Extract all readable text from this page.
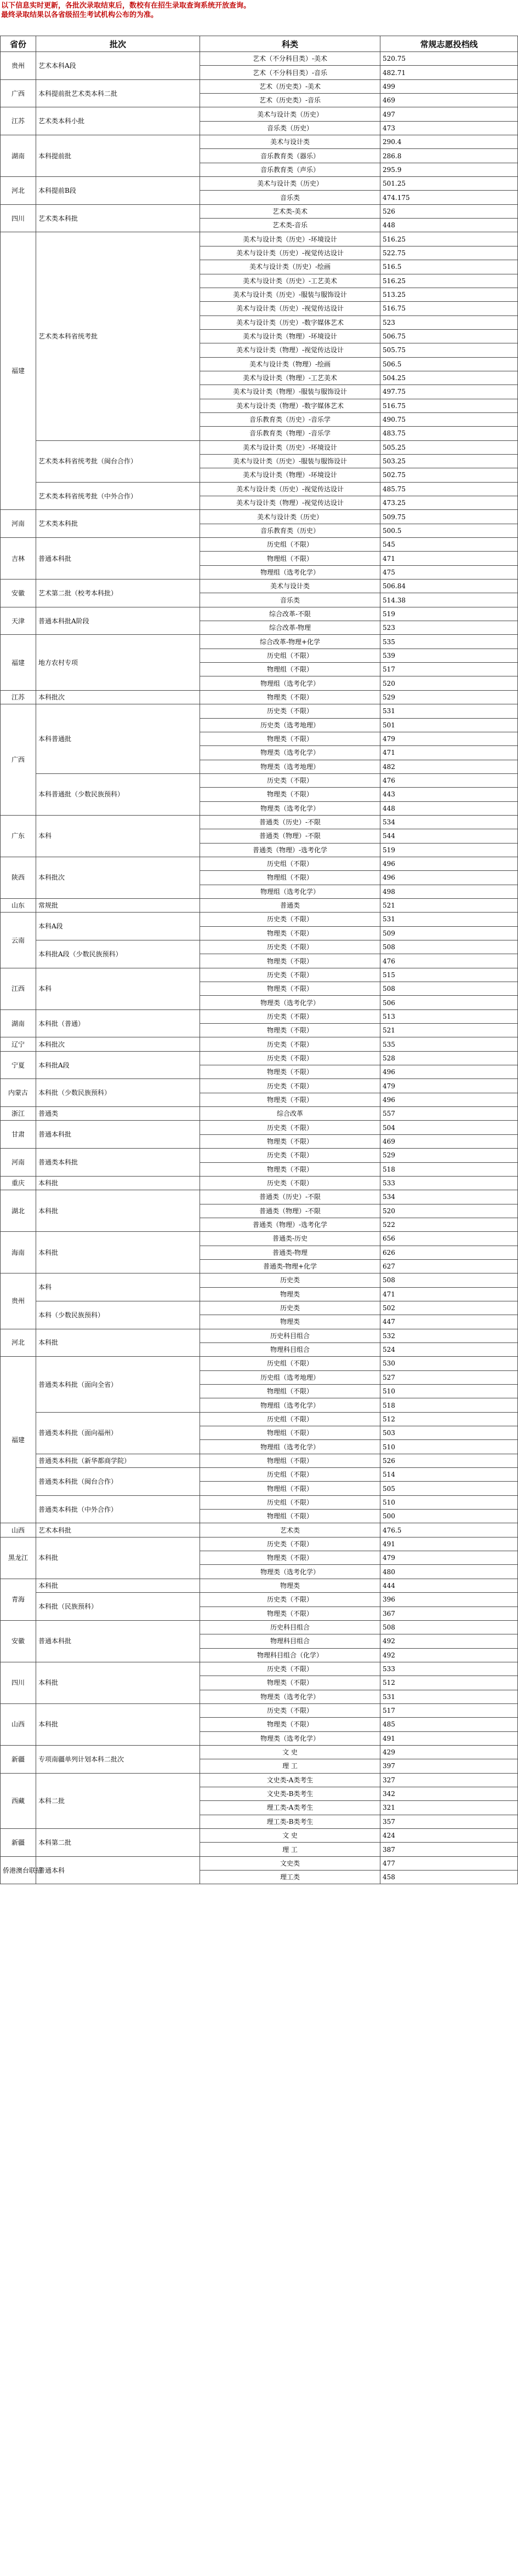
以下信息实时更新，各批次录取结束后，数校有在招生录取查询系统开放查询。
最终录取结果以各省级招生考试机构公布的为准。
省份	批次	科类	常规志愿投档线
贵州	艺术本科A段	艺术（不分科目类）-美术	520.75
		艺术（不分科目类）-音乐	482.71
广西	本科提前批艺术类本科二批	艺术（历史类）-美术	499
		艺术（历史类）-音乐	469
江苏	艺术类本科小批	美术与设计类（历史）	497
		音乐类（历史）	473
湖南	本科提前批	美术与设计类	290.4
		音乐教育类（器乐）	286.8
		音乐教育类（声乐）	295.9
河北	本科提前B段	美术与设计类（历史）	501.25
		音乐类	474.175
四川	艺术类本科批	艺术类-美术	526
		艺术类-音乐	448
福建	艺术类本科省统考批	美术与设计类（历史）-环境设计	516.25
		美术与设计类（历史）-视觉传达设计	522.75
		美术与设计类（历史）-绘画	516.5
		美术与设计类（历史）-工艺美术	516.25
		美术与设计类（历史）-服装与服饰设计	513.25
		美术与设计类（历史）-视觉传达设计	516.75
		美术与设计类（历史）-数字媒体艺术	523
		美术与设计类（物理）-环境设计	506.75
		美术与设计类（物理）-视觉传达设计	505.75
		美术与设计类（物理）-绘画	506.5
		美术与设计类（物理）-工艺美术	504.25
		美术与设计类（物理）-服装与服饰设计	497.75
		美术与设计类（物理）-数字媒体艺术	516.75
		音乐教育类（历史）-音乐学	490.75
		音乐教育类（物理）-音乐学	483.75
	艺术类本科省统考批（闽台合作）	美术与设计类（历史）-环境设计	505.25
		美术与设计类（历史）-服装与服饰设计	503.25
		美术与设计类（物理）-环境设计	502.75
	艺术类本科省统考批（中外合作）	美术与设计类（历史）-视觉传达设计	485.75
		美术与设计类（物理）-视觉传达设计	473.25
河南	艺术类本科批	美术与设计类（历史）	509.75
		音乐教育类（历史）	500.5
吉林	普通本科批	历史组（不限）	545
		物理组（不限）	471
		物理组（选考化学）	475
安徽	艺术第二批（校考本科批）	美术与设计类	506.84
		音乐类	514.38
天津	普通本科批A阶段	综合改革-不限	519
		综合改革-物理	523
福建	地方农村专项	综合改革-物理+化学	535
		历史组（不限）	539
		物理组（不限）	517
		物理组（选考化学）	520
江苏	本科批次	物理类（不限）	529
广西	本科普通批	历史类（不限）	531
		历史类（选考地理）	501
		物理类（不限）	479
		物理类（选考化学）	471
		物理类（选考地理）	482
	本科普通批（少数民族预科）	历史类（不限）	476
		物理类（不限）	443
		物理类（选考化学）	448
广东	本科	普通类（历史）-不限	534
		普通类（物理）-不限	544
		普通类（物理）-选考化学	519
陕西	本科批次	历史组（不限）	496
		物理组（不限）	496
		物理组（选考化学）	498
山东	常规批	普通类	521
云南	本科A段	历史类（不限）	531
		物理类（不限）	509
	本科批A段（少数民族预科）	历史类（不限）	508
		物理类（不限）	476
江西	本科	历史类（不限）	515
		物理类（不限）	508
		物理类（选考化学）	506
湖南	本科批（普通）	历史类（不限）	513
		物理类（不限）	521
辽宁	本科批次	历史类（不限）	535
宁夏	本科批A段	历史类（不限）	528
		物理类（不限）	496
内蒙古	本科批（少数民族预科）	历史类（不限）	479
		物理类（不限）	496
浙江	普通类	综合改革	557
甘肃	普通本科批	历史类（不限）	504
		物理类（不限）	469
河南	普通类本科批	历史类（不限）	529
		物理类（不限）	518
重庆	本科批	历史类（不限）	533
湖北	本科批	普通类（历史）-不限	534
		普通类（物理）-不限	520
		普通类（物理）-选考化学	522
海南	本科批	普通类-历史	656
		普通类-物理	626
		普通类-物理+化学	627
贵州	本科	历史类	508
		物理类	471
	本科（少数民族预科）	历史类	502
		物理类	447
河北	本科批	历史科目组合	532
		物理科目组合	524
福建	普通类本科批（面向全省）	历史组（不限）	530
		历史组（选考地理）	527
		物理组（不限）	510
		物理组（选考化学）	518
	普通类本科批（面向福州）	历史组（不限）	512
		物理组（不限）	503
		物理组（选考化学）	510
	普通类本科批（新华都商学院）	物理组（不限）	526
	普通类本科批（闽台合作）	历史组（不限）	514
		物理组（不限）	505
	普通类本科批（中外合作）	历史组（不限）	510
		物理组（不限）	500
山西	艺术本科批	艺术类	476.5
黑龙江	本科批	历史类（不限）	491
		物理类（不限）	479
		物理类（选考化学）	480
青海	本科批	物理类	444
	本科批（民族预科）	历史类（不限）	396
		物理类（不限）	367
安徽	普通本科批	历史科目组合	508
		物理科目组合	492
		物理科目组合（化学）	492
四川	本科批	历史类（不限）	533
		物理类（不限）	512
		物理类（选考化学）	531
山西	本科批	历史类（不限）	517
		物理类（不限）	485
		物理类（选考化学）	491
新疆	专项南疆单列计划本科二批次	文 史	429
		理 工	397
西藏	本科二批	文史类-A类考生	327
		文史类-B类考生	342
		理工类-A类考生	321
		理工类-B类考生	357
新疆	本科第二批	文 史	424
		理 工	387
侨港澳台联招	普通本科	文史类	477
		理工类	458
